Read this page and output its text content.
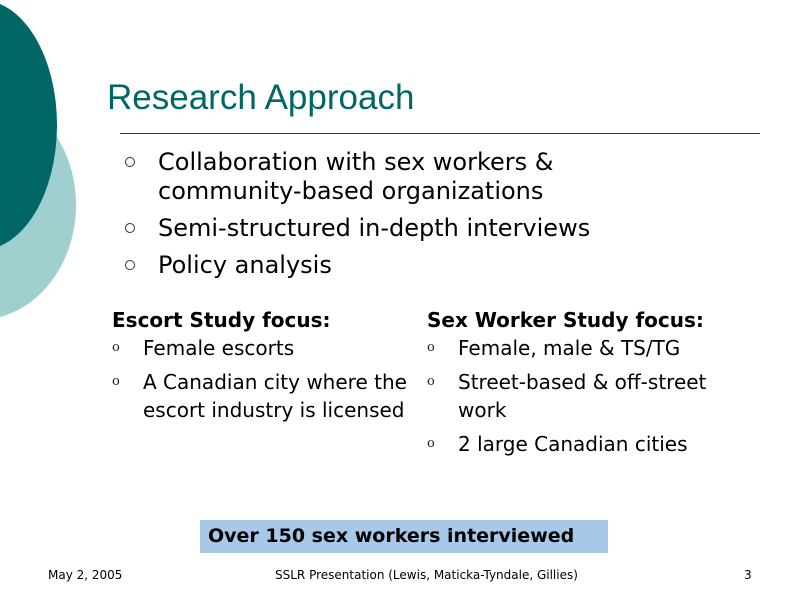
Research Approach
Collaboration with sex workers &
community-based organizations
Semi-structured in-depth interviews
Policy analysis
Escort Study focus:
o Female escorts
o A Canadian city where the escort industry is licensed
Sex Worker Study focus:
o Female, male & TS/TG
o Street-based & off-street work
o 2 large Canadian cities
Over 150 sex workers interviewed
May 2, 2005	SSLR Presentation (Lewis, Maticka-Tyndale, Gillies)	3
